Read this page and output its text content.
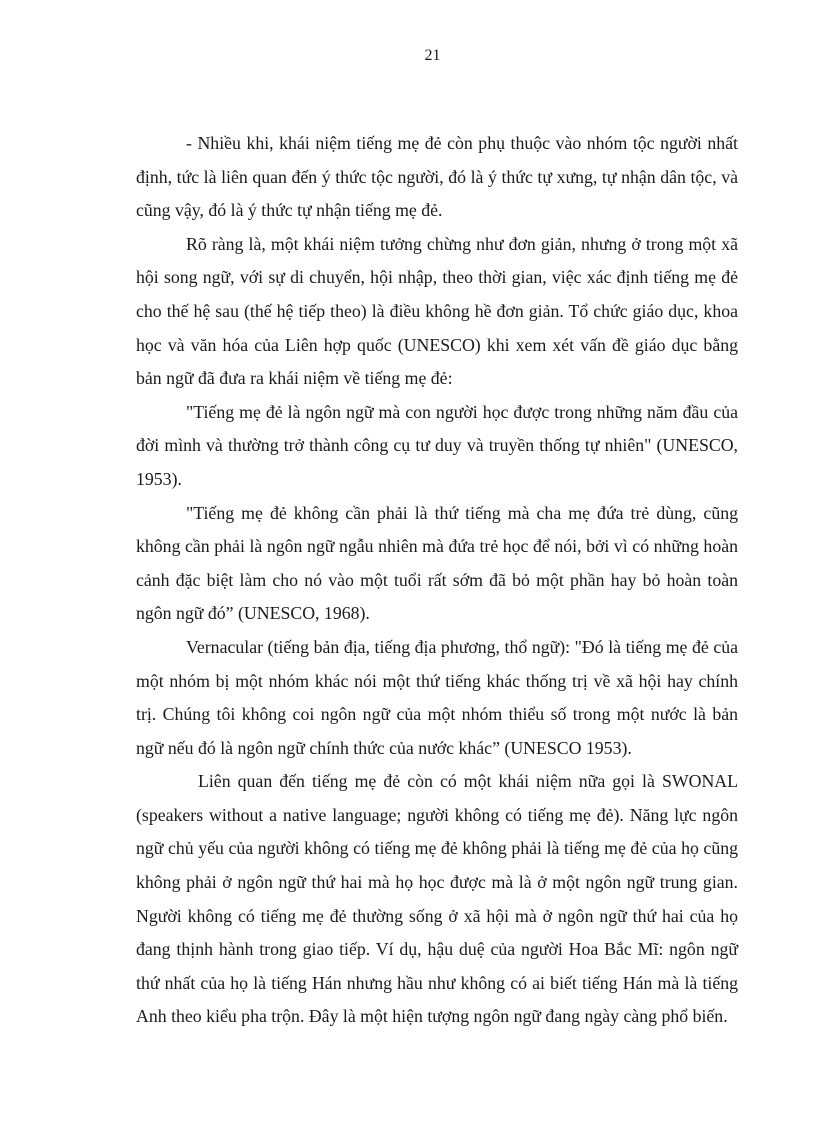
21

- Nhiều khi, khái niệm tiếng mẹ đẻ còn phụ thuộc vào nhóm tộc người nhất định, tức là liên quan đến ý thức tộc người, đó là ý thức tự xưng, tự nhận dân tộc, và cũng vậy, đó là ý thức tự nhận tiếng mẹ đẻ.

Rõ ràng là, một khái niệm tưởng chừng như đơn giản, nhưng ở trong một xã hội song ngữ, với sự di chuyển, hội nhập, theo thời gian, việc xác định tiếng mẹ đẻ cho thế hệ sau (thế hệ tiếp theo) là điều không hề đơn giản. Tổ chức giáo dục, khoa học và văn hóa của Liên hợp quốc (UNESCO) khi xem xét vấn đề giáo dục bằng bản ngữ đã đưa ra khái niệm về tiếng mẹ đẻ:

"Tiếng mẹ đẻ là ngôn ngữ mà con người học được trong những năm đầu của đời mình và thường trở thành công cụ tư duy và truyền thống tự nhiên" (UNESCO, 1953).

"Tiếng mẹ đẻ không cần phải là thứ tiếng mà cha mẹ đứa trẻ dùng, cũng không cần phải là ngôn ngữ ngẫu nhiên mà đứa trẻ học để nói, bởi vì có những hoàn cảnh đặc biệt làm cho nó vào một tuổi rất sớm đã bỏ một phần hay bỏ hoàn toàn ngôn ngữ đó” (UNESCO, 1968).

Vernacular (tiếng bản địa, tiếng địa phương, thổ ngữ): "Đó là tiếng mẹ đẻ của một nhóm bị một nhóm khác nói một thứ tiếng khác thống trị về xã hội hay chính trị. Chúng tôi không coi ngôn ngữ của một nhóm thiểu số trong một nước là bản ngữ nếu đó là ngôn ngữ chính thức của nước khác” (UNESCO 1953).

Liên quan đến tiếng mẹ đẻ còn có một khái niệm nữa gọi là SWONAL (speakers without a native language; người không có tiếng mẹ đẻ). Năng lực ngôn ngữ chủ yếu của người không có tiếng mẹ đẻ không phải là tiếng mẹ đẻ của họ cũng không phải ở ngôn ngữ thứ hai mà họ học được mà là ở một ngôn ngữ trung gian. Người không có tiếng mẹ đẻ thường sống ở xã hội mà ở ngôn ngữ thứ hai của họ đang thịnh hành trong giao tiếp. Ví dụ, hậu duệ của người Hoa Bắc Mĩ: ngôn ngữ thứ nhất của họ là tiếng Hán nhưng hầu như không có ai biết tiếng Hán mà là tiếng Anh theo kiểu pha trộn. Đây là một hiện tượng ngôn ngữ đang ngày càng phổ biến.
